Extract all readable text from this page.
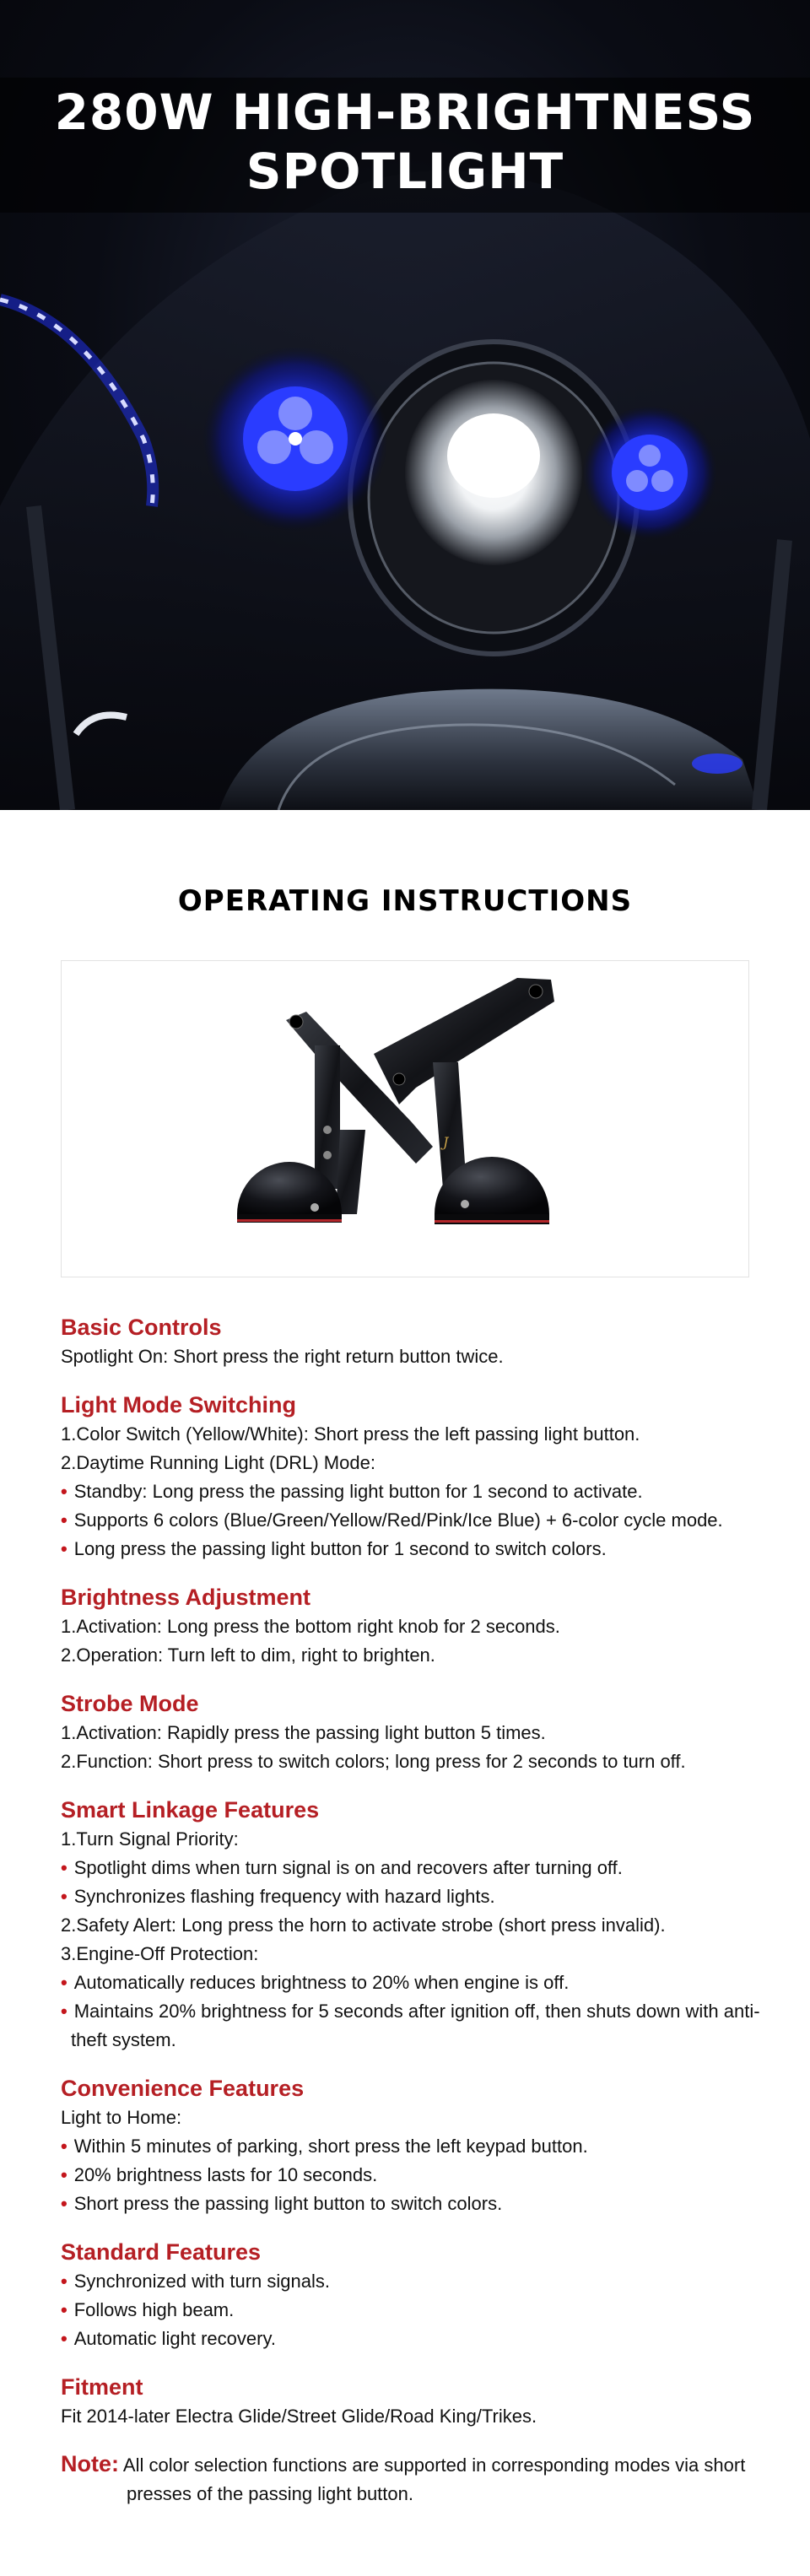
280W HIGH-BRIGHTNESS
SPOTLIGHT
OPERATING INSTRUCTIONS
J

Basic Controls

Spotlight On: Short press the right return button twice.

Light Mode Switching

1.Color Switch (Yellow/White): Short press the left passing light button.

2.Daytime Running Light (DRL) Mode:

• Standby: Long press the passing light button for 1 second to activate.

• Supports 6 colors (Blue/Green/Yellow/Red/Pink/Ice Blue) + 6-color cycle mode.

• Long press the passing light button for 1 second to switch colors.

Brightness Adjustment

1.Activation: Long press the bottom right knob for 2 seconds.

2.Operation: Turn left to dim, right to brighten.

Strobe Mode

1.Activation: Rapidly press the passing light button 5 times.

2.Function: Short press to switch colors; long press for 2 seconds to turn off.

Smart Linkage Features

1.Turn Signal Priority:

• Spotlight dims when turn signal is on and recovers after turning off.

• Synchronizes flashing frequency with hazard lights.

2.Safety Alert: Long press the horn to activate strobe (short press invalid).

3.Engine-Off Protection:

• Automatically reduces brightness to 20% when engine is off.

• Maintains 20% brightness for 5 seconds after ignition off, then shuts down with anti-theft system.

Convenience Features

Light to Home:

• Within 5 minutes of parking, short press the left keypad button.

• 20% brightness lasts for 10 seconds.

• Short press the passing light button to switch colors.

Standard Features

• Synchronized with turn signals.

• Follows high beam.

• Automatic light recovery.

Fitment

Fit 2014-later Electra Glide/Street Glide/Road King/Trikes.

Note: All color selection functions are supported in corresponding modes via short presses of the passing light button.
